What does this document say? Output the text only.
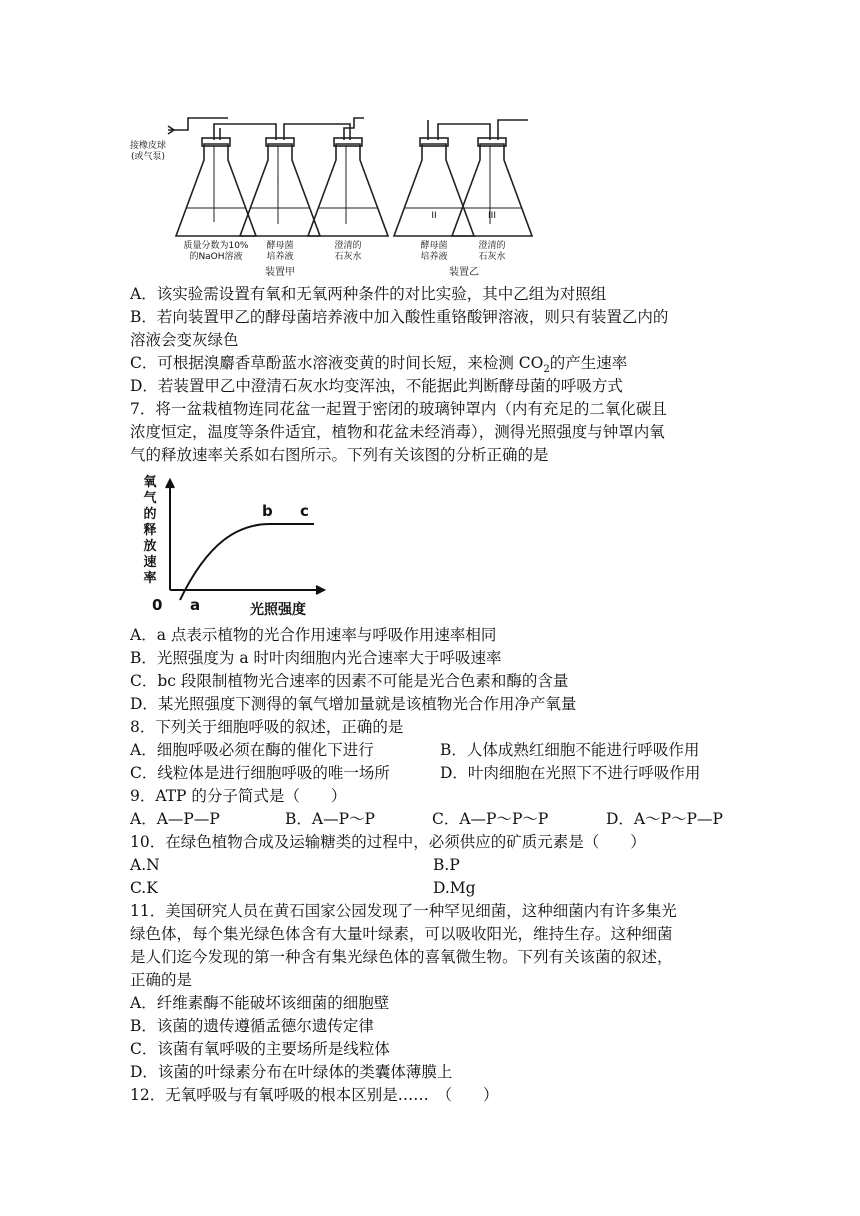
接橡皮球
(或气泵)
I
II	III
质量分数为10%
的NaOH溶液
酵母菌
培养液
澄清的
石灰水
酵母菌
培养液
澄清的
石灰水
装置甲	装置乙
A．该实验需设置有氧和无氧两种条件的对比实验，其中乙组为对照组
B．若向装置甲乙的酵母菌培养液中加入酸性重铬酸钾溶液，则只有装置乙内的
溶液会变灰绿色
C．可根据溴麝香草酚蓝水溶液变黄的时间长短，来检测 $CO_2$的产生速率
D．若装置甲乙中澄清石灰水均变浑浊，不能据此判断酵母菌的呼吸方式
7．将一盆栽植物连同花盆一起置于密闭的玻璃钟罩内（内有充足的二氧化碳且
浓度恒定，温度等条件适宜，植物和花盆未经消毒），测得光照强度与钟罩内氧
气的释放速率关系如右图所示。下列有关该图的分析正确的是
氧
气
的
释
放
速
率
0 a
b c
光照强度
A．a 点表示植物的光合作用速率与呼吸作用速率相同
B．光照强度为 a 时叶肉细胞内光合速率大于呼吸速率
C．bc 段限制植物光合速率的因素不可能是光合色素和酶的含量
D．某光照强度下测得的氧气增加量就是该植物光合作用净产氧量
8．下列关于细胞呼吸的叙述，正确的是
A．细胞呼吸必须在酶的催化下进行	B．人体成熟红细胞不能进行呼吸作用
C．线粒体是进行细胞呼吸的唯一场所	D．叶肉细胞在光照下不进行呼吸作用
9．ATP 的分子简式是（　　）
A．A—P—P	B．A—P～P	C．A—P～P～P	D．A～P～P—P
10．在绿色植物合成及运输糖类的过程中，必须供应的矿质元素是（　　）
A.N	B.P
C.K	D.Mg
11．美国研究人员在黄石国家公园发现了一种罕见细菌，这种细菌内有许多集光
绿色体，每个集光绿色体含有大量叶绿素，可以吸收阳光，维持生存。这种细菌
是人们迄今发现的第一种含有集光绿色体的喜氧微生物。下列有关该菌的叙述，
正确的是
A．纤维素酶不能破坏该细菌的细胞壁
B．该菌的遗传遵循孟德尔遗传定律
C．该菌有氧呼吸的主要场所是线粒体
D．该菌的叶绿素分布在叶绿体的类囊体薄膜上
12．无氧呼吸与有氧呼吸的根本区别是……　（　　）
